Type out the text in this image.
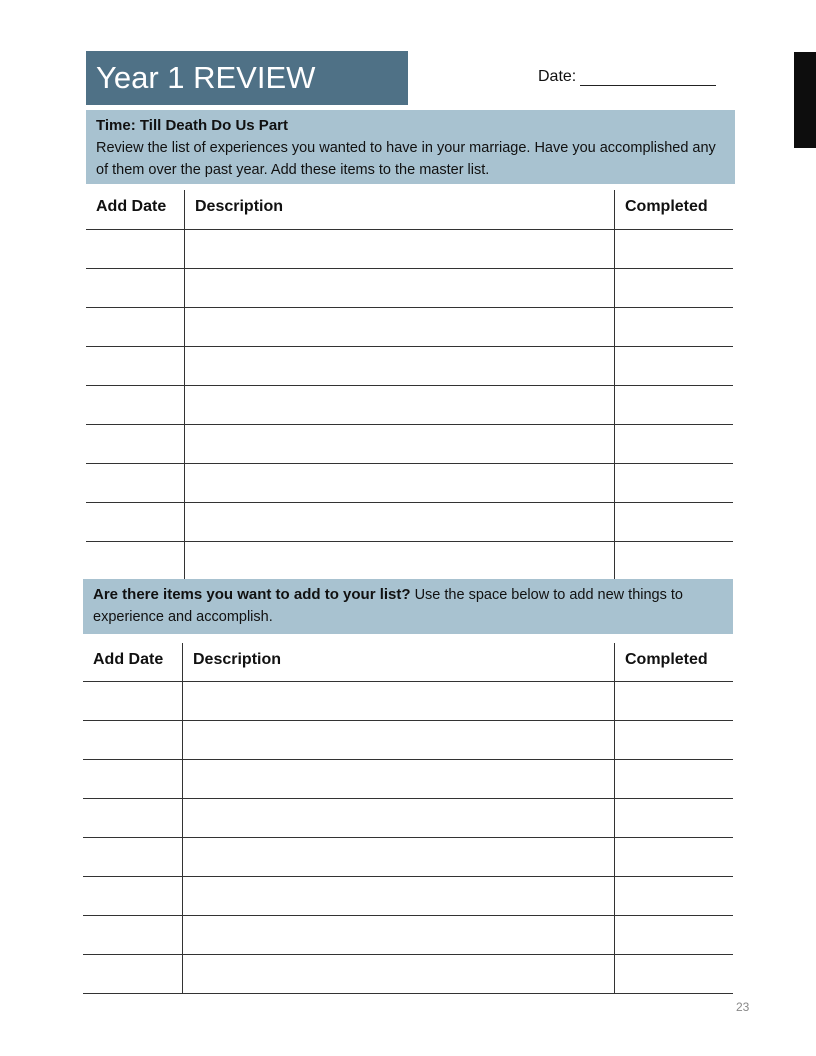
Year 1 REVIEW	Date:
Time: Till Death Do Us Part
Review the list of experiences you wanted to have in your marriage. Have you accomplished any of them over the past year. Add these items to the master list.
Add Date	Description	Completed
Are there items you want to add to your list? Use the space below to add new things to experience and accomplish.
Add Date	Description	Completed
23
